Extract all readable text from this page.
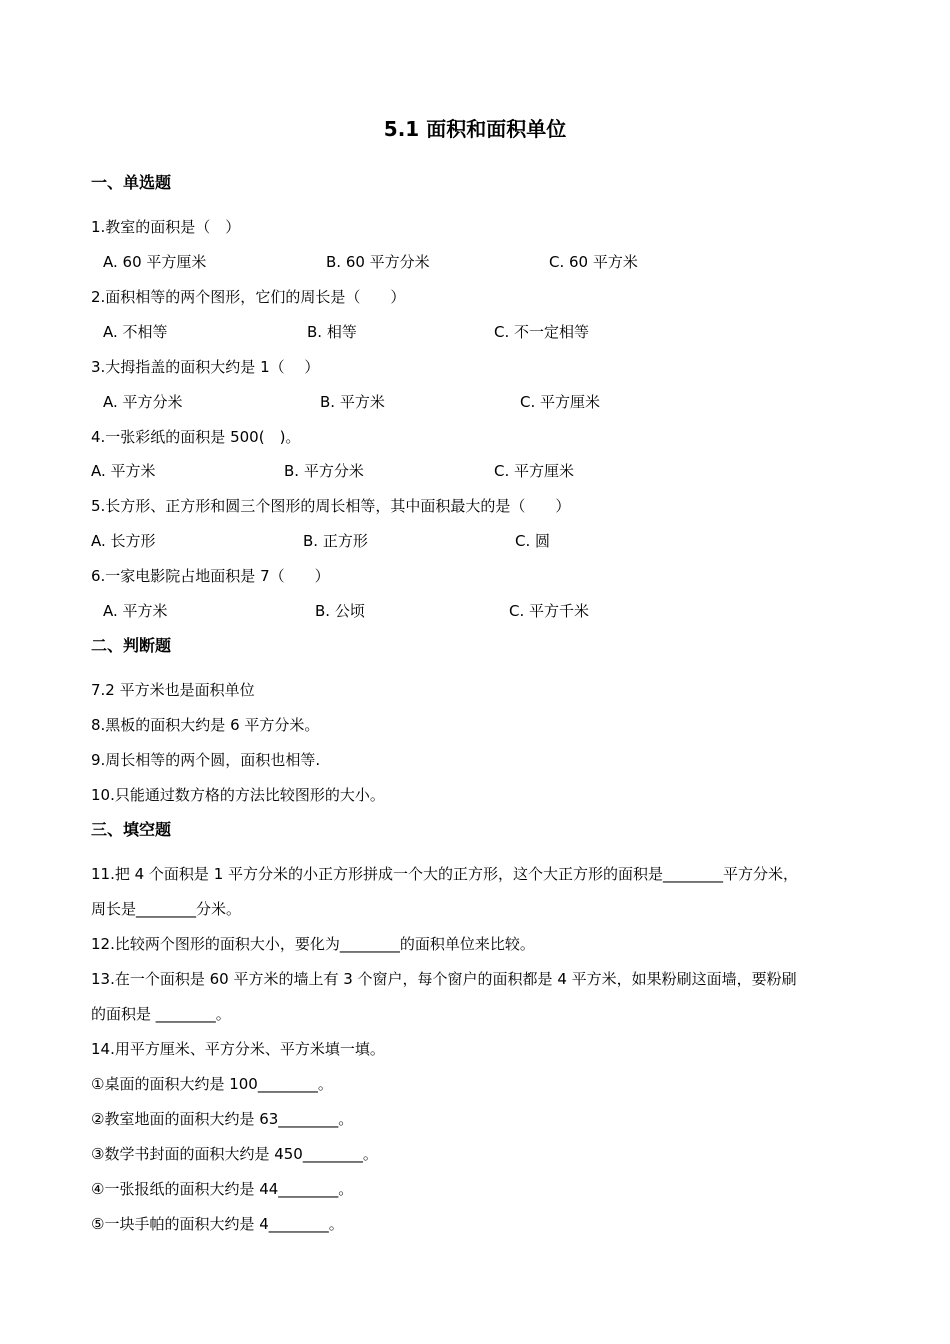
5.1 面积和面积单位
一、单选题
1.教室的面积是（　）
A. 60 平方厘米	B. 60 平方分米	C. 60 平方米
2.面积相等的两个图形，它们的周长是（　　）
A. 不相等	B. 相等	C. 不一定相等
3.大拇指盖的面积大约是 1（　 ）
A. 平方分米	B. 平方米	C. 平方厘米
4.一张彩纸的面积是 500(　)。
A. 平方米	B. 平方分米	C. 平方厘米
5.长方形、正方形和圆三个图形的周长相等，其中面积最大的是（　　）
A. 长方形	B. 正方形	C. 圆
6.一家电影院占地面积是 7（　　）
A. 平方米	B. 公顷	C. 平方千米
二、判断题
7.2 平方米也是面积单位
8.黑板的面积大约是 6 平方分米。
9.周长相等的两个圆，面积也相等.
10.只能通过数方格的方法比较图形的大小。
三、填空题
11.把 4 个面积是 1 平方分米的小正方形拼成一个大的正方形，这个大正方形的面积是________平方分米，
周长是________分米。
12.比较两个图形的面积大小，要化为________的面积单位来比较。
13.在一个面积是 60 平方米的墙上有 3 个窗户，每个窗户的面积都是 4 平方米，如果粉刷这面墙，要粉刷
的面积是 ________。
14.用平方厘米、平方分米、平方米填一填。
①桌面的面积大约是 100________。
②教室地面的面积大约是 63________。
③数学书封面的面积大约是 450________。
④一张报纸的面积大约是 44________。
⑤一块手帕的面积大约是 4________。
